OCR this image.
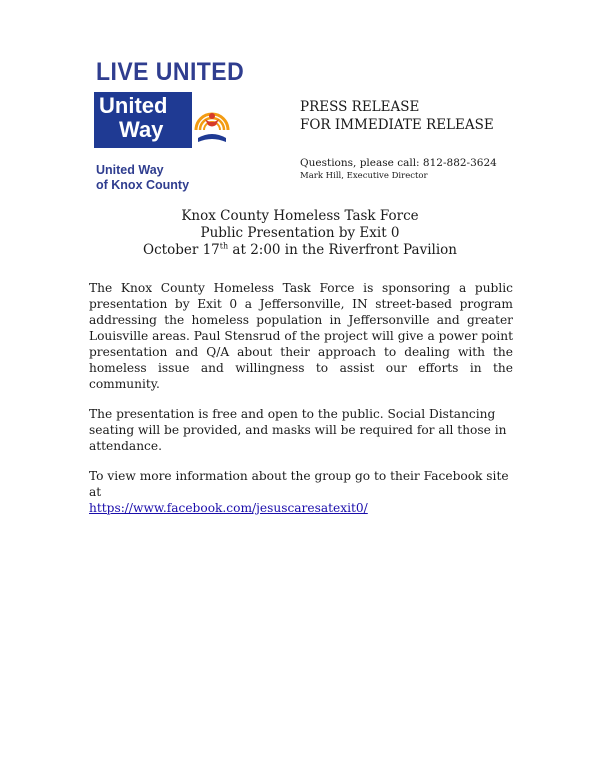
LIVE UNITED
United
Way
United Way
of Knox County
PRESS RELEASE
FOR IMMEDIATE RELEASE
Questions, please call: 812-882-3624
Mark Hill, Executive Director
Knox County Homeless Task Force
Public Presentation by Exit 0
October 17th at 2:00 in the Riverfront Pavilion

The Knox County Homeless Task Force is sponsoring a public presentation by Exit 0 a Jeffersonville, IN street-based program addressing the homeless population in Jeffersonville and greater Louisville areas. Paul Stensrud of the project will give a power point presentation and Q/A about their approach to dealing with the homeless issue and willingness to assist our efforts in the community.

The presentation is free and open to the public. Social Distancing seating will be provided, and masks will be required for all those in attendance.

To view more information about the group go to their Facebook site at
https://www.facebook.com/jesuscaresatexit0/
